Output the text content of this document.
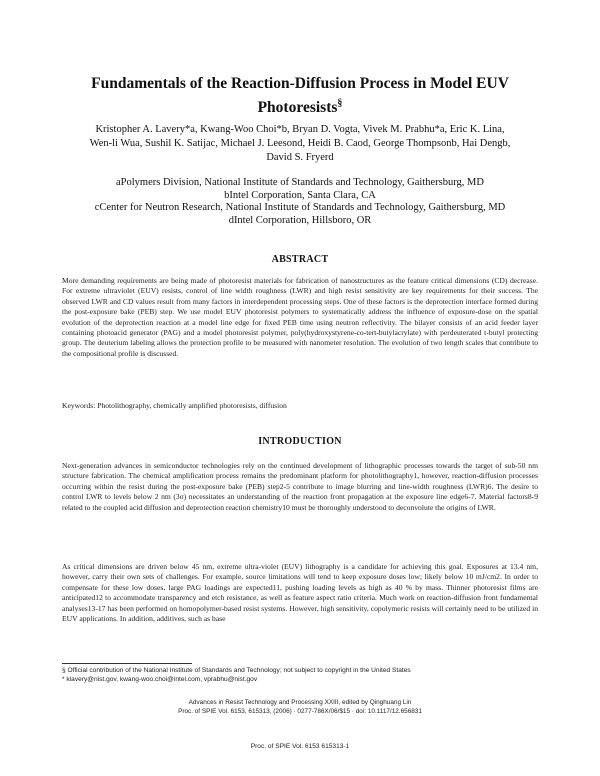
Fundamentals of the Reaction-Diffusion Process in Model EUV
Photoresists§
Kristopher A. Lavery*a, Kwang-Woo Choi*b, Bryan D. Vogta, Vivek M. Prabhu*a, Eric K. Lina,
Wen-li Wua, Sushil K. Satijac, Michael J. Leesond, Heidi B. Caod, George Thompsonb, Hai Dengb,
David S. Fryerd
aPolymers Division, National Institute of Standards and Technology, Gaithersburg, MD
bIntel Corporation, Santa Clara, CA
cCenter for Neutron Research, National Institute of Standards and Technology, Gaithersburg, MD
dIntel Corporation, Hillsboro, OR
ABSTRACT
More demanding requirements are being made of photoresist materials for fabrication of nanostructures as the feature critical dimensions (CD) decrease. For extreme ultraviolet (EUV) resists, control of line width roughness (LWR) and high resist sensitivity are key requirements for their success. The observed LWR and CD values result from many factors in interdependent processing steps. One of these factors is the deprotection interface formed during the post-exposure bake (PEB) step. We use model EUV photoresist polymers to systematically address the influence of exposure-dose on the spatial evolution of the deprotection reaction at a model line edge for fixed PEB time using neutron reflectivity. The bilayer consists of an acid feeder layer containing photoacid generator (PAG) and a model photoresist polymer, poly(hydroxystyrene-co-tert-butylacrylate) with perdeuterated t-butyl protecting group. The deuterium labeling allows the protection profile to be measured with nanometer resolution. The evolution of two length scales that contribute to the compositional profile is discussed.
Keywords: Photolithography, chemically amplified photoresists, diffusion
INTRODUCTION
Next-generation advances in semiconductor technologies rely on the continued development of lithographic processes towards the target of sub-50 nm structure fabrication. The chemical amplification process remains the predominant platform for photolithography1, however, reaction-diffusion processes occurring within the resist during the post-exposure bake (PEB) step2-5 contribute to image blurring and line-width roughness (LWR)6. The desire to control LWR to levels below 2 nm (3σ) necessitates an understanding of the reaction front propagation at the exposure line edge6-7. Material factors8-9 related to the coupled acid diffusion and deprotection reaction chemistry10 must be thoroughly understood to deconvolute the origins of LWR.
As critical dimensions are driven below 45 nm, extreme ultra-violet (EUV) lithography is a candidate for achieving this goal. Exposures at 13.4 nm, however, carry their own sets of challenges. For example, source limitations will tend to keep exposure doses low; likely below 10 mJ/cm2. In order to compensate for these low doses, large PAG loadings are expected11, pushing loading levels as high as 40 % by mass. Thinner photoresist films are anticipated12 to accommodate transparency and etch resistance, as well as feature aspect ratio criteria. Much work on reaction-diffusion front fundamental analyses13-17 has been performed on homopolymer-based resist systems. However, high sensitivity, copolymeric resists will certainly need to be utilized in EUV applications. In addition, additives, such as base
§ Official contribution of the National Institute of Standards and Technology; not subject to copyright in the United States
* klavery@nist.gov, kwang-woo.choi@intel.com, vprabhu@nist.gov
Advances in Resist Technology and Processing XXIII, edited by Qinghuang Lin
Proc. of SPIE Vol. 6153, 615313, (2006) · 0277-786X/06/$15 · doi: 10.1117/12.656831
Proc. of SPIE Vol. 6153 615313-1
